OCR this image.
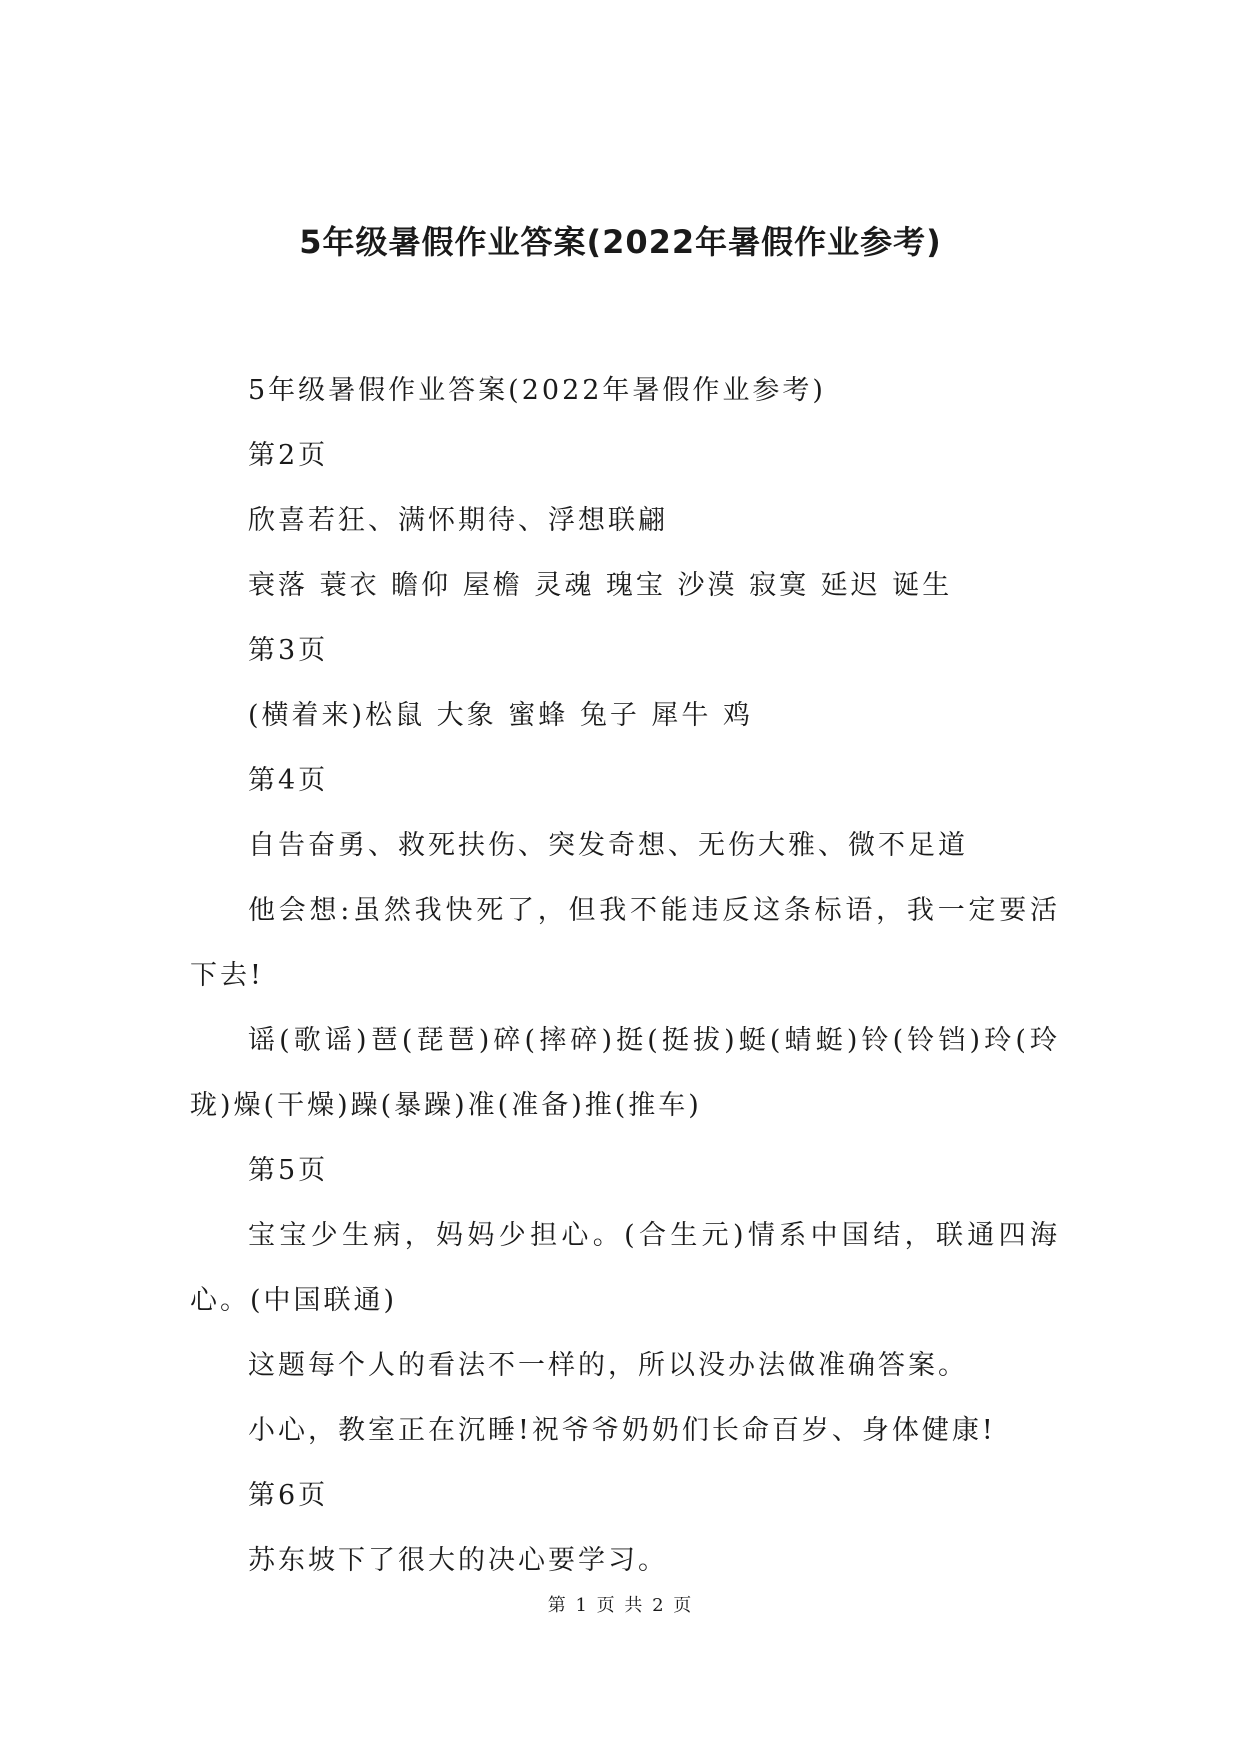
5年级暑假作业答案(2022年暑假作业参考)

5年级暑假作业答案(2022年暑假作业参考)

第2页

欣喜若狂、满怀期待、浮想联翩

衰落 蓑衣 瞻仰 屋檐 灵魂 瑰宝 沙漠 寂寞 延迟 诞生

第3页

(横着来)松鼠 大象 蜜蜂 兔子 犀牛 鸡

第4页

自告奋勇、救死扶伤、突发奇想、无伤大雅、微不足道

他会想:虽然我快死了，但我不能违反这条标语，我一定要活下去!

谣(歌谣)琶(琵琶)碎(摔碎)挺(挺拔)蜓(蜻蜓)铃(铃铛)玲(玲珑)燥(干燥)躁(暴躁)准(准备)推(推车)

第5页

宝宝少生病，妈妈少担心。(合生元)情系中国结，联通四海心。(中国联通)

这题每个人的看法不一样的，所以没办法做准确答案。

小心，教室正在沉睡!祝爷爷奶奶们长命百岁、身体健康!

第6页

苏东坡下了很大的决心要学习。

第 1 页 共 2 页
